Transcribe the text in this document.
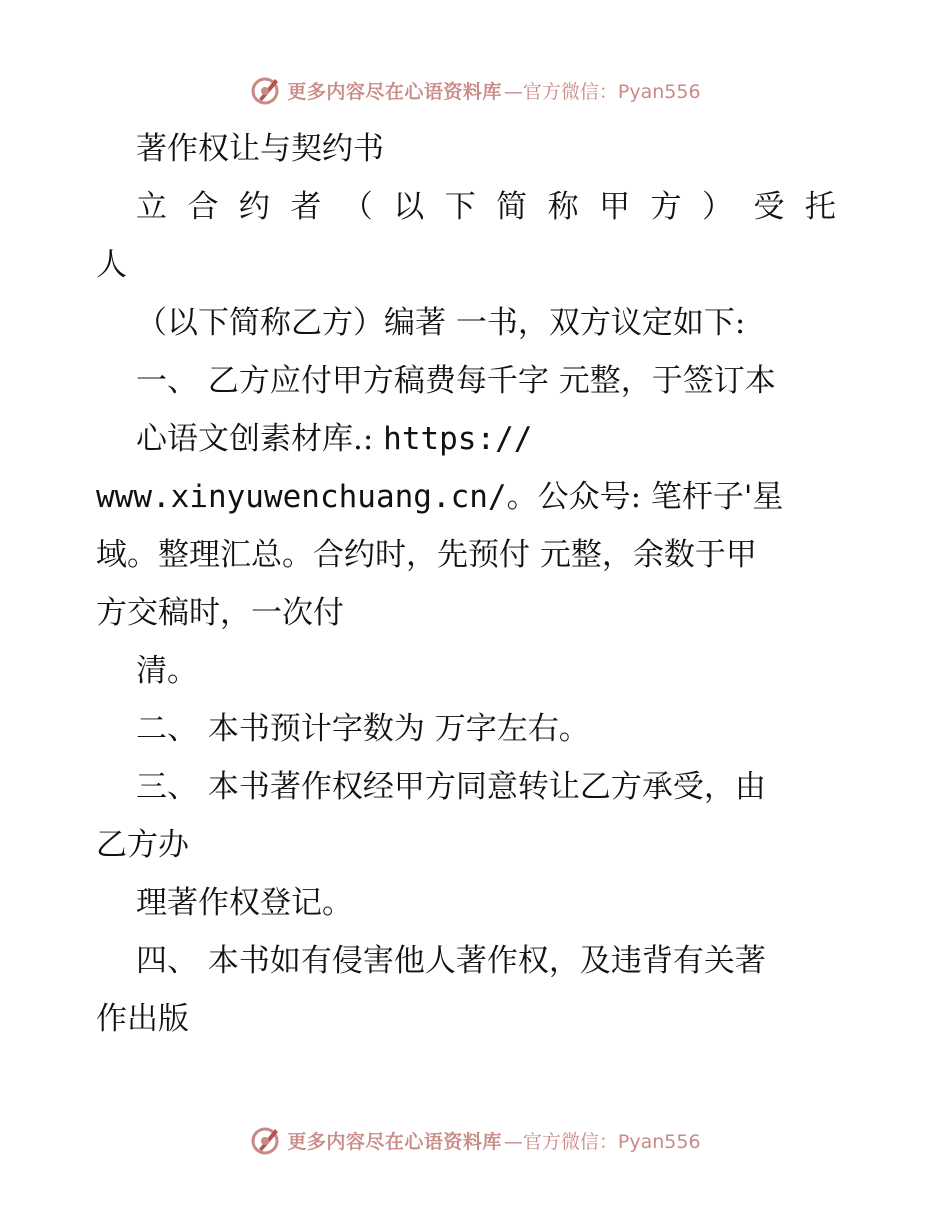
更多内容尽在心语资料库 —官方微信：Pyan556
著作权让与契约书
立 合 约 者 （ 以 下 简 称 甲 方 ） 受 托
人
（以下简称乙方）编著 一书，双方议定如下:
一、 乙方应付甲方稿费每千字 元整，于签订本
心语文创素材库.: https://
www.xinyuwenchuang.cn/。公众号: 笔杆子'星
域。整理汇总。合约时，先预付 元整，余数于甲
方交稿时，一次付
清。
二、 本书预计字数为 万字左右。
三、 本书著作权经甲方同意转让乙方承受，由
乙方办
理著作权登记。
四、 本书如有侵害他人著作权，及违背有关著
作出版
更多内容尽在心语资料库 —官方微信：Pyan556
